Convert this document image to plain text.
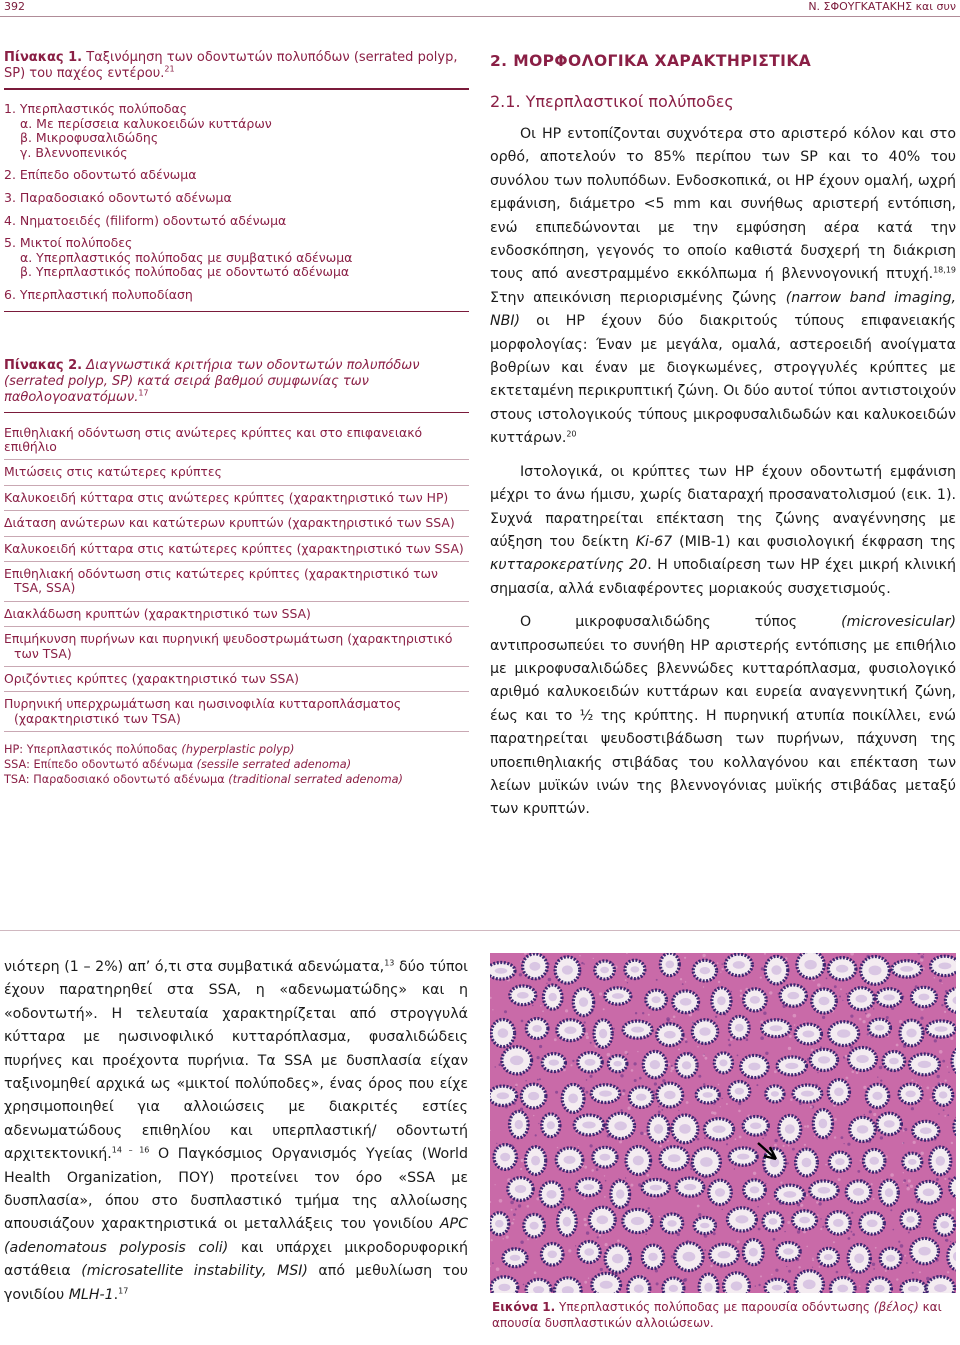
392	Ν. ΣΦΟΥΓΚΑΤΑΚΗΣ και συν

Πίνακας 1. Ταξινόμηση των οδοντωτών πολυπόδων (serrated polyp, SP) του παχέος εντέρου.$^{21}$

1. Υπερπλαστικός πολύποδας

α. Με περίσσεια καλυκοειδών κυττάρων

β. Μικροφυσαλιδώδης

γ. Βλεννοπενικός

2. Επίπεδο οδοντωτό αδένωμα

3. Παραδοσιακό οδοντωτό αδένωμα

4. Νηματοειδές (filiform) οδοντωτό αδένωμα

5. Μικτοί πολύποδες

α. Υπερπλαστικός πολύποδας με συμβατικό αδένωμα

β. Υπερπλαστικός πολύποδας με οδοντωτό αδένωμα

6. Υπερπλαστική πολυποδίαση

Πίνακας 2. Διαγνωστικά κριτήρια των οδοντωτών πολυπόδων (serrated polyp, SP) κατά σειρά βαθμού συμφωνίας των παθολογοανατόμων.$^{17}$

Επιθηλιακή οδόντωση στις ανώτερες κρύπτες και στο επιφανειακό επιθήλιο
Μιτώσεις στις κατώτερες κρύπτες
Καλυκοειδή κύτταρα στις ανώτερες κρύπτες (χαρακτηριστικό των HP)
Διάταση ανώτερων και κατώτερων κρυπτών (χαρακτηριστικό των SSA)
Καλυκοειδή κύτταρα στις κατώτερες κρύπτες (χαρακτηριστικό των SSA)
Επιθηλιακή οδόντωση στις κατώτερες κρύπτες (χαρακτηριστικό των
TSA, SSA)
Διακλάδωση κρυπτών (χαρακτηριστικό των SSA)
Επιμήκυνση πυρήνων και πυρηνική ψευδοστρωμάτωση (χαρακτηριστικό
των TSA)
Οριζόντιες κρύπτες (χαρακτηριστικό των SSA)
Πυρηνική υπερχρωμάτωση και ηωσινοφιλία κυτταροπλάσματος
(χαρακτηριστικό των TSA)
HP: Υπερπλαστικός πολύποδας (hyperplastic polyp)
SSA: Επίπεδο οδοντωτό αδένωμα (sessile serrated adenoma)
TSA: Παραδοσιακό οδοντωτό αδένωμα (traditional serrated adenoma)

2. ΜΟΡΦΟΛΟΓΙΚΑ ΧΑΡΑΚΤΗΡΙΣΤΙΚΑ

2.1. Υπερπλαστικοί πολύποδες

Οι HP εντοπίζονται συχνότερα στο αριστερό κόλον και στο ορθό, αποτελούν το 85% περίπου των SP και το 40% του συνόλου των πολυπόδων. Ενδοσκοπικά, οι HP έχουν ομαλή, ωχρή εμφάνιση, διάμετρο <5 mm και συνήθως αριστερή εντόπιση, ενώ επιπεδώνονται με την εμφύσηση αέρα κατά την ενδοσκόπηση, γεγονός το οποίο καθιστά δυσχερή τη διάκριση τους από ανεστραμμένο εκκόλπωμα ή βλεννογονική πτυχή.$^{18,19}$ Στην απεικόνιση περιορισμένης ζώνης (narrow band imaging, NBI) οι HP έχουν δύο διακριτούς τύπους επιφανειακής μορφολογίας: Έναν με μεγάλα, ομαλά, αστεροειδή ανοίγματα βοθρίων και έναν με διογκωμένες, στρογγυλές κρύπτες με εκτεταμένη περικρυπτική ζώνη. Οι δύο αυτοί τύποι αντιστοιχούν στους ιστολογικούς τύπους μικροφυσαλιδωδών και καλυκοειδών κυττάρων.$^{20}$

Ιστολογικά, οι κρύπτες των HP έχουν οδοντωτή εμφάνιση μέχρι το άνω ήμισυ, χωρίς διαταραχή προσανατολισμού (εικ. 1). Συχνά παρατηρείται επέκταση της ζώνης αναγέννησης με αύξηση του δείκτη Ki-67 (MIB-1) και φυσιολογική έκφραση της κυτταροκερατίνης 20. Η υποδιαίρεση των HP έχει μικρή κλινική σημασία, αλλά ενδιαφέροντες μοριακούς συσχετισμούς.

Ο μικροφυσαλιδώδης τύπος (microvesicular) αντιπροσωπεύει το συνήθη HP αριστερής εντόπισης με επιθήλιο με μικροφυσαλιδώδες βλεννώδες κυτταρόπλασμα, φυσιολογικό αριθμό καλυκοειδών κυττάρων και ευρεία αναγεννητική ζώνη, έως και το ½ της κρύπτης. Η πυρηνική ατυπία ποικίλλει, ενώ παρατηρείται ψευδοστιβάδωση των πυρήνων, πάχυνση της υποεπιθηλιακής στιβάδας του κολλαγόνου και επέκταση των λείων μυϊκών ινών της βλεννογόνιας μυϊκής στιβάδας μεταξύ των κρυπτών.

νιότερη (1 – 2%) απ’ ό,τι στα συμβατικά αδενώματα,$^{13}$ δύο τύποι έχουν παρατηρηθεί στα SSA, η «αδενωματώδης» και η «οδοντωτή». Η τελευταία χαρακτηρίζεται από στρογγυλά κύτταρα με ηωσινοφιλικό κυτταρόπλασμα, φυσαλιδώδεις πυρήνες και προέχοντα πυρήνια. Τα SSA με δυσπλασία είχαν ταξινομηθεί αρχικά ως «μικτοί πολύποδες», ένας όρος που είχε χρησιμοποιηθεί για αλλοιώσεις με διακριτές εστίες αδενωματώδους επιθηλίου και υπερπλαστική/ οδοντωτή αρχιτεκτονική.$^{14 - 16}$ Ο Παγκόσμιος Οργανισμός Υγείας (World Health Organization, ΠΟΥ) προτείνει τον όρο «SSA με δυσπλασία», όπου στο δυσπλαστικό τμήμα της αλλοίωσης απουσιάζουν χαρακτηριστικά οι μεταλλάξεις του γονιδίου APC (adenomatous polyposis coli) και υπάρχει μικροδορυφορική αστάθεια (microsatellite instability, MSI) από μεθυλίωση του γονιδίου MLH-1.17

Εικόνα 1. Υπερπλαστικός πολύποδας με παρουσία οδόντωσης (βέλος) και απουσία δυσπλαστικών αλλοιώσεων.
